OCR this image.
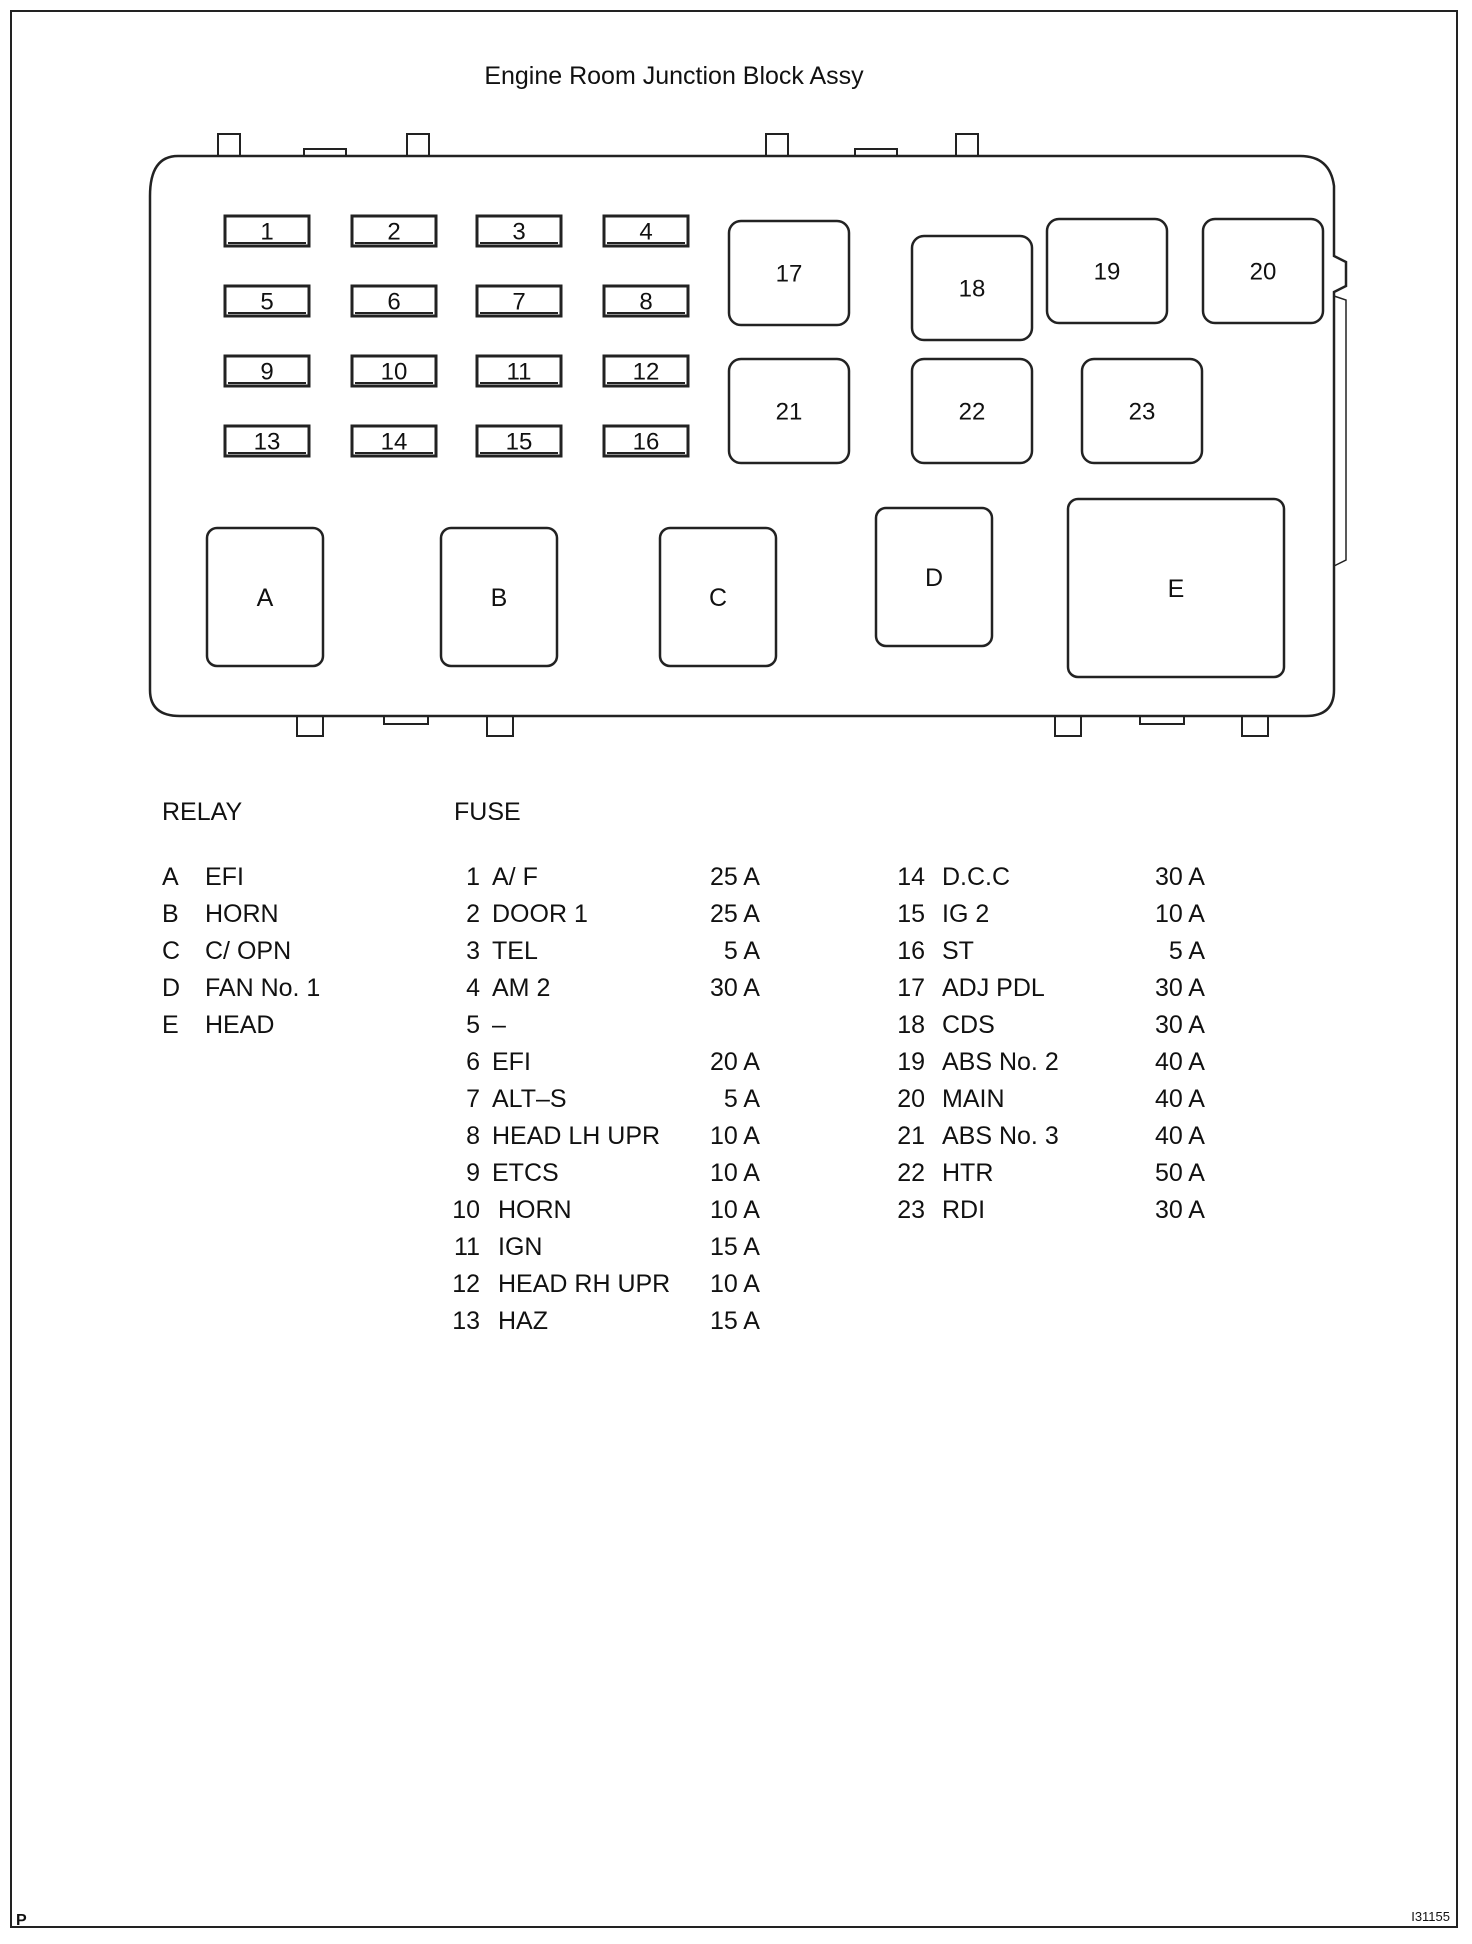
Engine Room Junction Block Assy
1	2	3	4
5	6	7	8
9	10	11	12
13	14	15	16
17
18
19	20
21	22	23
A	B	C
D	E
RELAY	FUSE
A EFI
B HORN
C C/ OPN
D FAN No. 1
E HEAD
1 A/ F	25 A
2 DOOR 1	25 A
3 TEL	5 A
4 AM 2	30 A
5 –
6 EFI	20 A
7 ALT–S	5 A
8 HEAD LH UPR	10 A
9 ETCS	10 A
10 HORN	10 A
11 IGN	15 A
12 HEAD RH UPR	10 A
13 HAZ	15 A
14 D.C.C	30 A
15 IG 2	10 A
16 ST	5 A
17 ADJ PDL	30 A
18 CDS	30 A
19 ABS No. 2	40 A
20 MAIN	40 A
21 ABS No. 3	40 A
22 HTR	50 A
23 RDI	30 A
P	I31155
